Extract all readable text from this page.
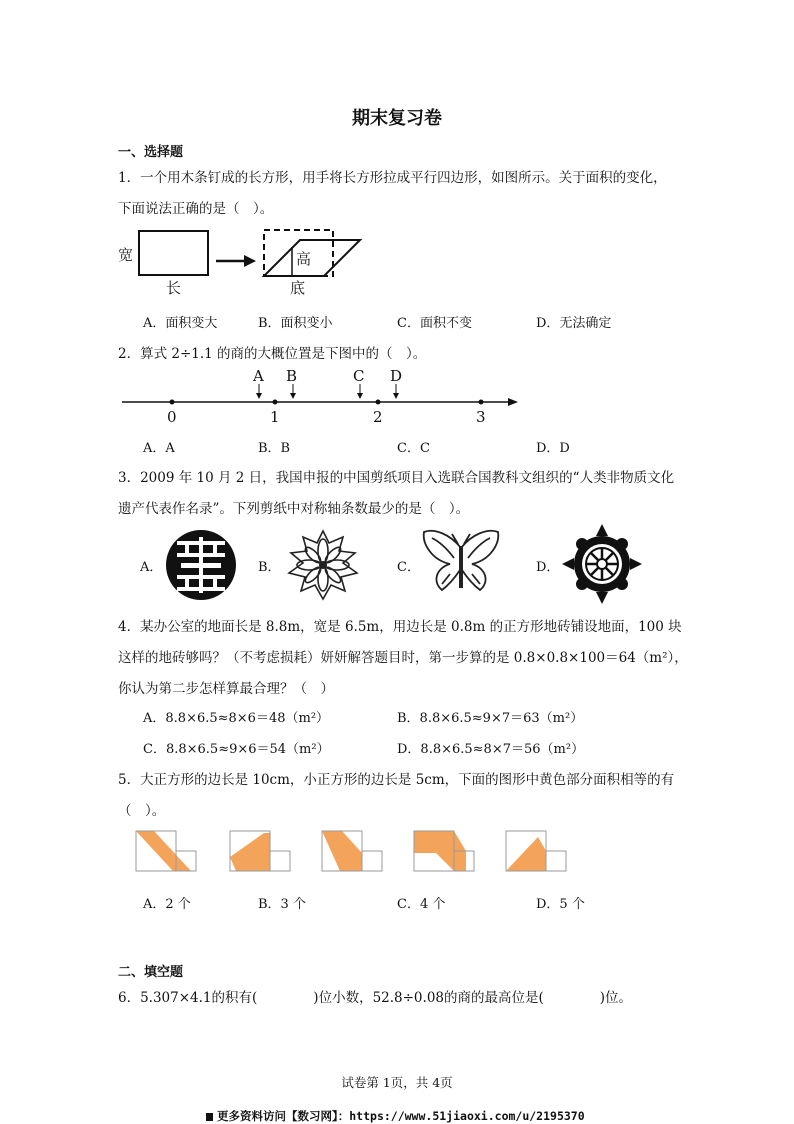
期末复习卷
一、选择题
1．一个用木条钉成的长方形，用手将长方形拉成平行四边形，如图所示。关于面积的变化，
下面说法正确的是（　）。
宽
长
高
底
A．面积变大	B．面积变小	C．面积不变	D．无法确定
2．算式 2÷1.1 的商的大概位置是下图中的（　）。
0	1	2	3
A B	C D
A．A	B．B	C．C	D．D
3．2009 年 10 月 2 日，我国申报的中国剪纸项目入选联合国教科文组织的“人类非物质文化
遗产代表作名录”。下列剪纸中对称轴条数最少的是（　）。
A．	B．	C．	D．
4．某办公室的地面长是 8.8m，宽是 6.5m，用边长是 0.8m 的正方形地砖铺设地面，100 块
这样的地砖够吗？（不考虑损耗）妍妍解答题目时，第一步算的是 0.8×0.8×100＝64（m²），
你认为第二步怎样算最合理？（　）
A．8.8×6.5≈8×6＝48（m²）	B．8.8×6.5≈9×7＝63（m²）
C．8.8×6.5≈9×6＝54（m²）	D．8.8×6.5≈8×7＝56（m²）
5．大正方形的边长是 10cm，小正方形的边长是 5cm，下面的图形中黄色部分面积相等的有
（　）。
A．2 个	B．3 个	C．4 个	D．5 个
二、填空题
6．5.307×4.1的积有(	)位小数，52.8÷0.08的商的最高位是(	)位。
试卷第 1页，共 4页
更多资料访问【数习网】：https://www.51jiaoxi.com/u/2195370
